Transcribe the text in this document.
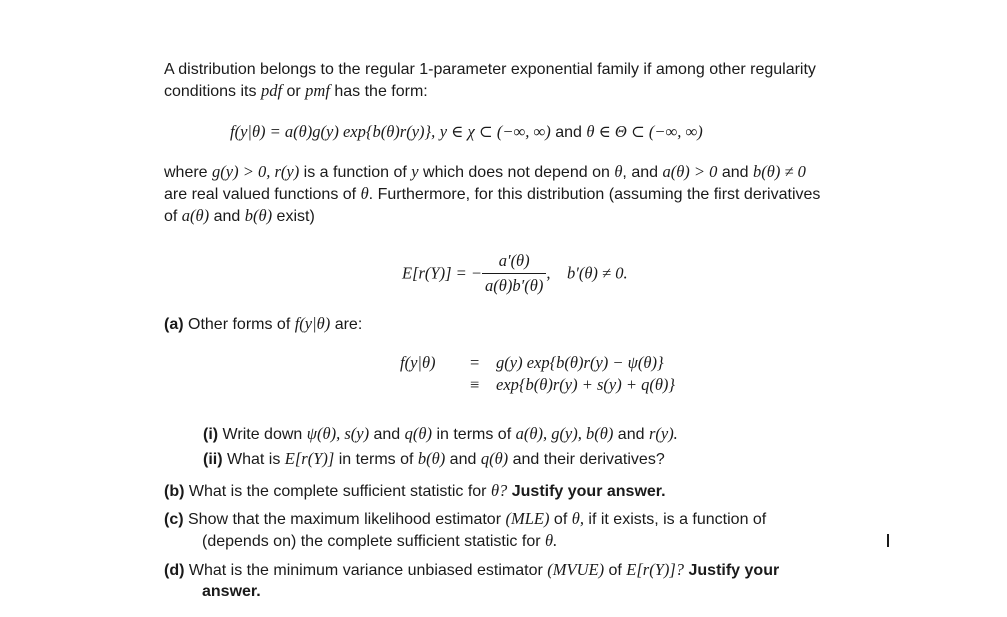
A distribution belongs to the regular 1-parameter exponential family if among other regularity
conditions its pdf or pmf has the form:
f(y|θ) = a(θ)g(y) exp{b(θ)r(y)}, y ∈ χ ⊂ (−∞, ∞) and θ ∈ Θ ⊂ (−∞, ∞)
where g(y) > 0, r(y) is a function of y which does not depend on θ, and a(θ) > 0 and b(θ) ≠ 0
are real valued functions of θ. Furthermore, for this distribution (assuming the first derivatives
of a(θ) and b(θ) exist)
E[r(Y)] = − $\frac{a'(\theta)}{a(\theta)b'(\theta)}$ ,    b′(θ) ≠ 0.
(a) Other forms of f(y|θ) are:
f(y|θ) = g(y) exp{b(θ)r(y) − ψ(θ)}
≡ exp{b(θ)r(y) + s(y) + q(θ)}
(i) Write down ψ(θ), s(y) and q(θ) in terms of a(θ), g(y), b(θ) and r(y).
(ii) What is E[r(Y)] in terms of b(θ) and q(θ) and their derivatives?
(b) What is the complete sufficient statistic for θ? Justify your answer.
(c) Show that the maximum likelihood estimator (MLE) of θ, if it exists, is a function of
(depends on) the complete sufficient statistic for θ.
(d) What is the minimum variance unbiased estimator (MVUE) of E[r(Y)]? Justify your
answer.
